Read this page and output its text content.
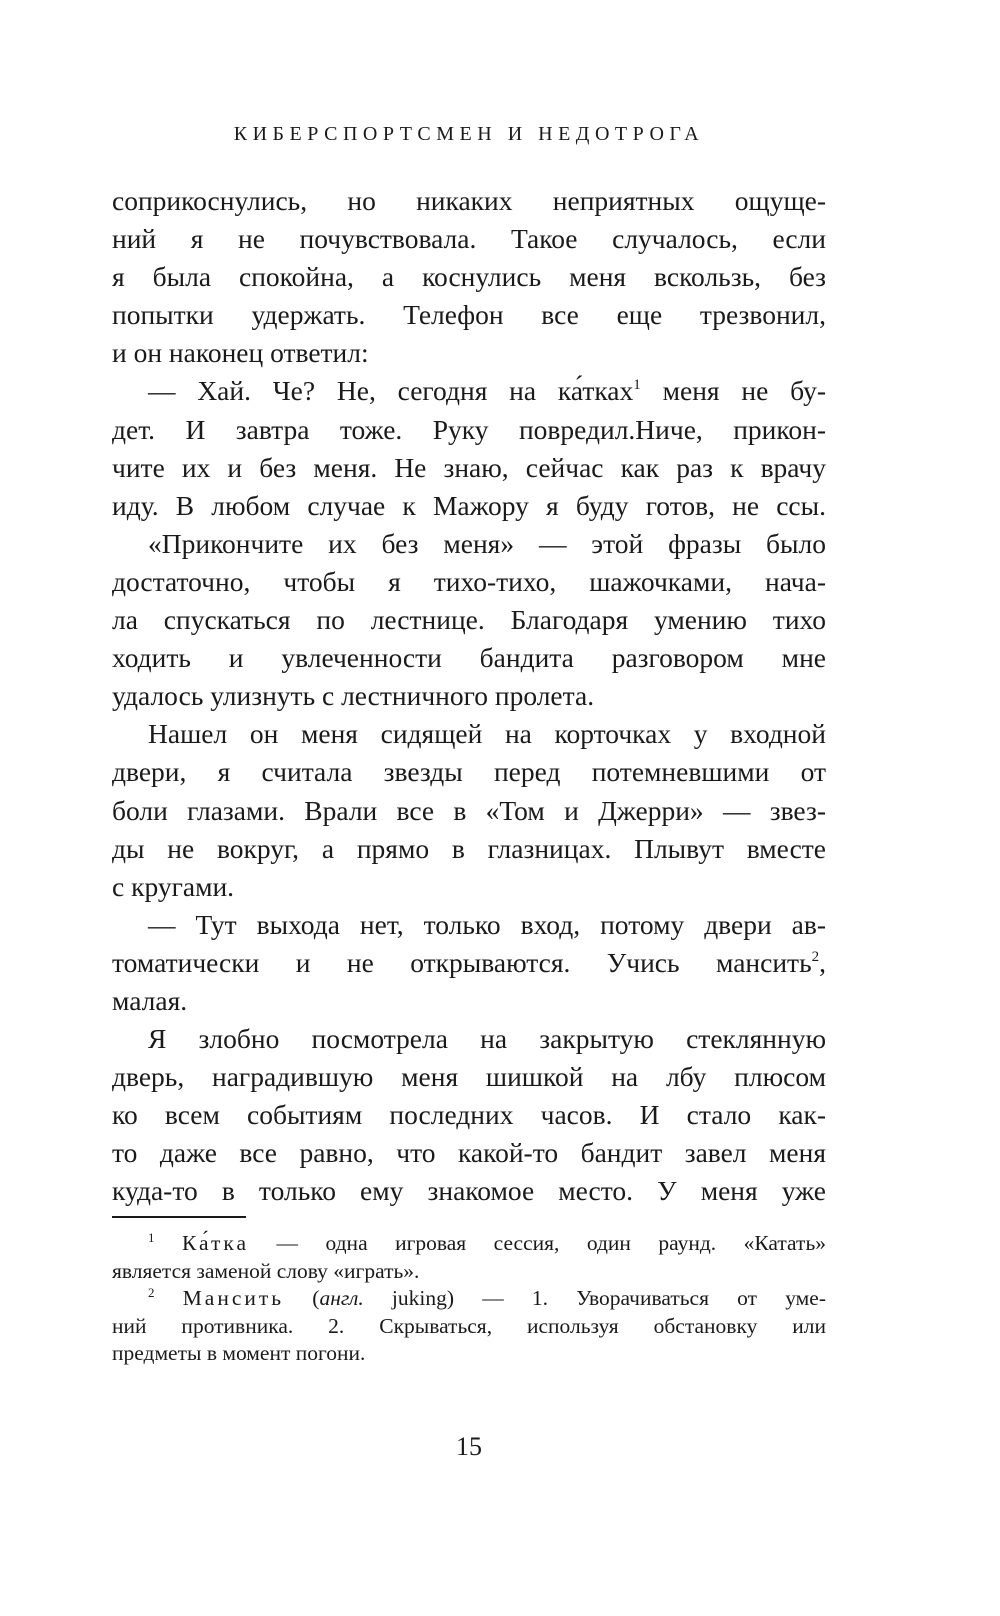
КИБЕРСПОРТСМЕН И НЕДОТРОГА
соприкоснулись, но никаких неприятных ощуще-
ний я не почувствовала. Такое случалось, если
я была спокойна, а коснулись меня вскользь, без
попытки удержать. Телефон все еще трезвонил,
и он наконец ответил:
— Хай. Че? Не, сегодня на ка́тках$^1$ меня не бу-
дет. И завтра тоже. Руку повредил.Ниче, прикон-
чите их и без меня. Не знаю, сейчас как раз к врачу
иду. В любом случае к Мажору я буду готов, не ссы.
«Прикончите их без меня» — этой фразы было
достаточно, чтобы я тихо-тихо, шажочками, нача-
ла спускаться по лестнице. Благодаря умению тихо
ходить и увлеченности бандита разговором мне
удалось улизнуть с лестничного пролета.
Нашел он меня сидящей на корточках у входной
двери, я считала звезды перед потемневшими от
боли глазами. Врали все в «Том и Джерри» — звез-
ды не вокруг, а прямо в глазницах. Плывут вместе
с кругами.
— Тут выхода нет, только вход, потому двери ав-
томатически и не открываются. Учись мансить$^2$,
малая.
Я злобно посмотрела на закрытую стеклянную
дверь, наградившую меня шишкой на лбу плюсом
ко всем событиям последних часов. И стало как-
то даже все равно, что какой-то бандит завел меня
куда-то в только ему знакомое место. У меня уже
$^1$ Ка́тка — одна игровая сессия, один раунд. «Катать»
является заменой слову «играть».
$^2$ Мансить (англ. juking) — 1. Уворачиваться от уме-
ний противника. 2. Скрываться, используя обстановку или
предметы в момент погони.
15
